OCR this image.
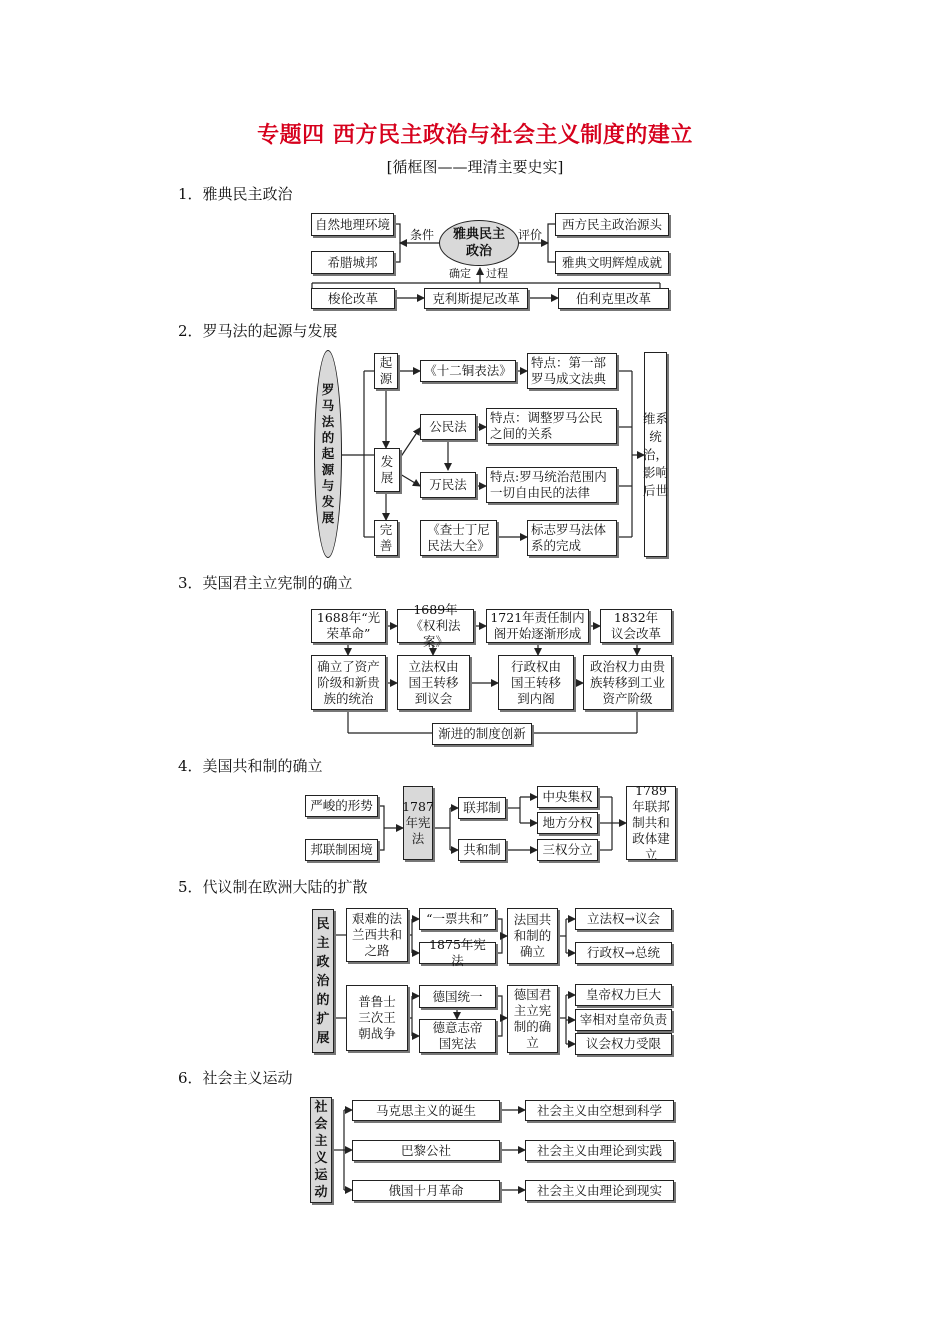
专题四 西方民主政治与社会主义制度的建立
[循框图——理清主要史实]
1．雅典民主政治
自然地理环境
希腊城邦
雅典民主政治
条件	评价
确定 过程
西方民主政治源头
雅典文明辉煌成就
梭伦改革	克利斯提尼改革	伯利克里改革
2．罗马法的起源与发展
罗马法的起源与发展
起源
发展
完善
《十二铜表法》
特点：第一部罗马成文法典
公民法
特点：调整罗马公民之间的关系
万民法
特点:罗马统治范围内一切自由民的法律
《查士丁尼民法大全》
标志罗马法体系的完成
维系统治，影响后世
3．英国君主立宪制的确立
1688年“光荣革命”
1689年《权利法案》
1721年责任制内阁开始逐渐形成
1832年议会改革
确立了资产阶级和新贵族的统治
立法权由国王转移到议会
行政权由国王转移到内阁
政治权力由贵族转移到工业资产阶级
渐进的制度创新
4．美国共和制的确立
严峻的形势
邦联制困境
1787年宪法
联邦制
共和制
中央集权
地方分权
三权分立
1789年联邦制共和政体建立
5．代议制在欧洲大陆的扩散
民主政治的扩展
艰难的法兰西共和之路
“一票共和”
1875年宪法
法国共和制的确立
立法权→议会
行政权→总统
普鲁士三次王朝战争
德国统一
德意志帝国宪法
德国君主立宪制的确立
皇帝权力巨大
宰相对皇帝负责
议会权力受限
6．社会主义运动
社会主义运动
马克思主义的诞生
巴黎公社
俄国十月革命
社会主义由空想到科学
社会主义由理论到实践
社会主义由理论到现实
